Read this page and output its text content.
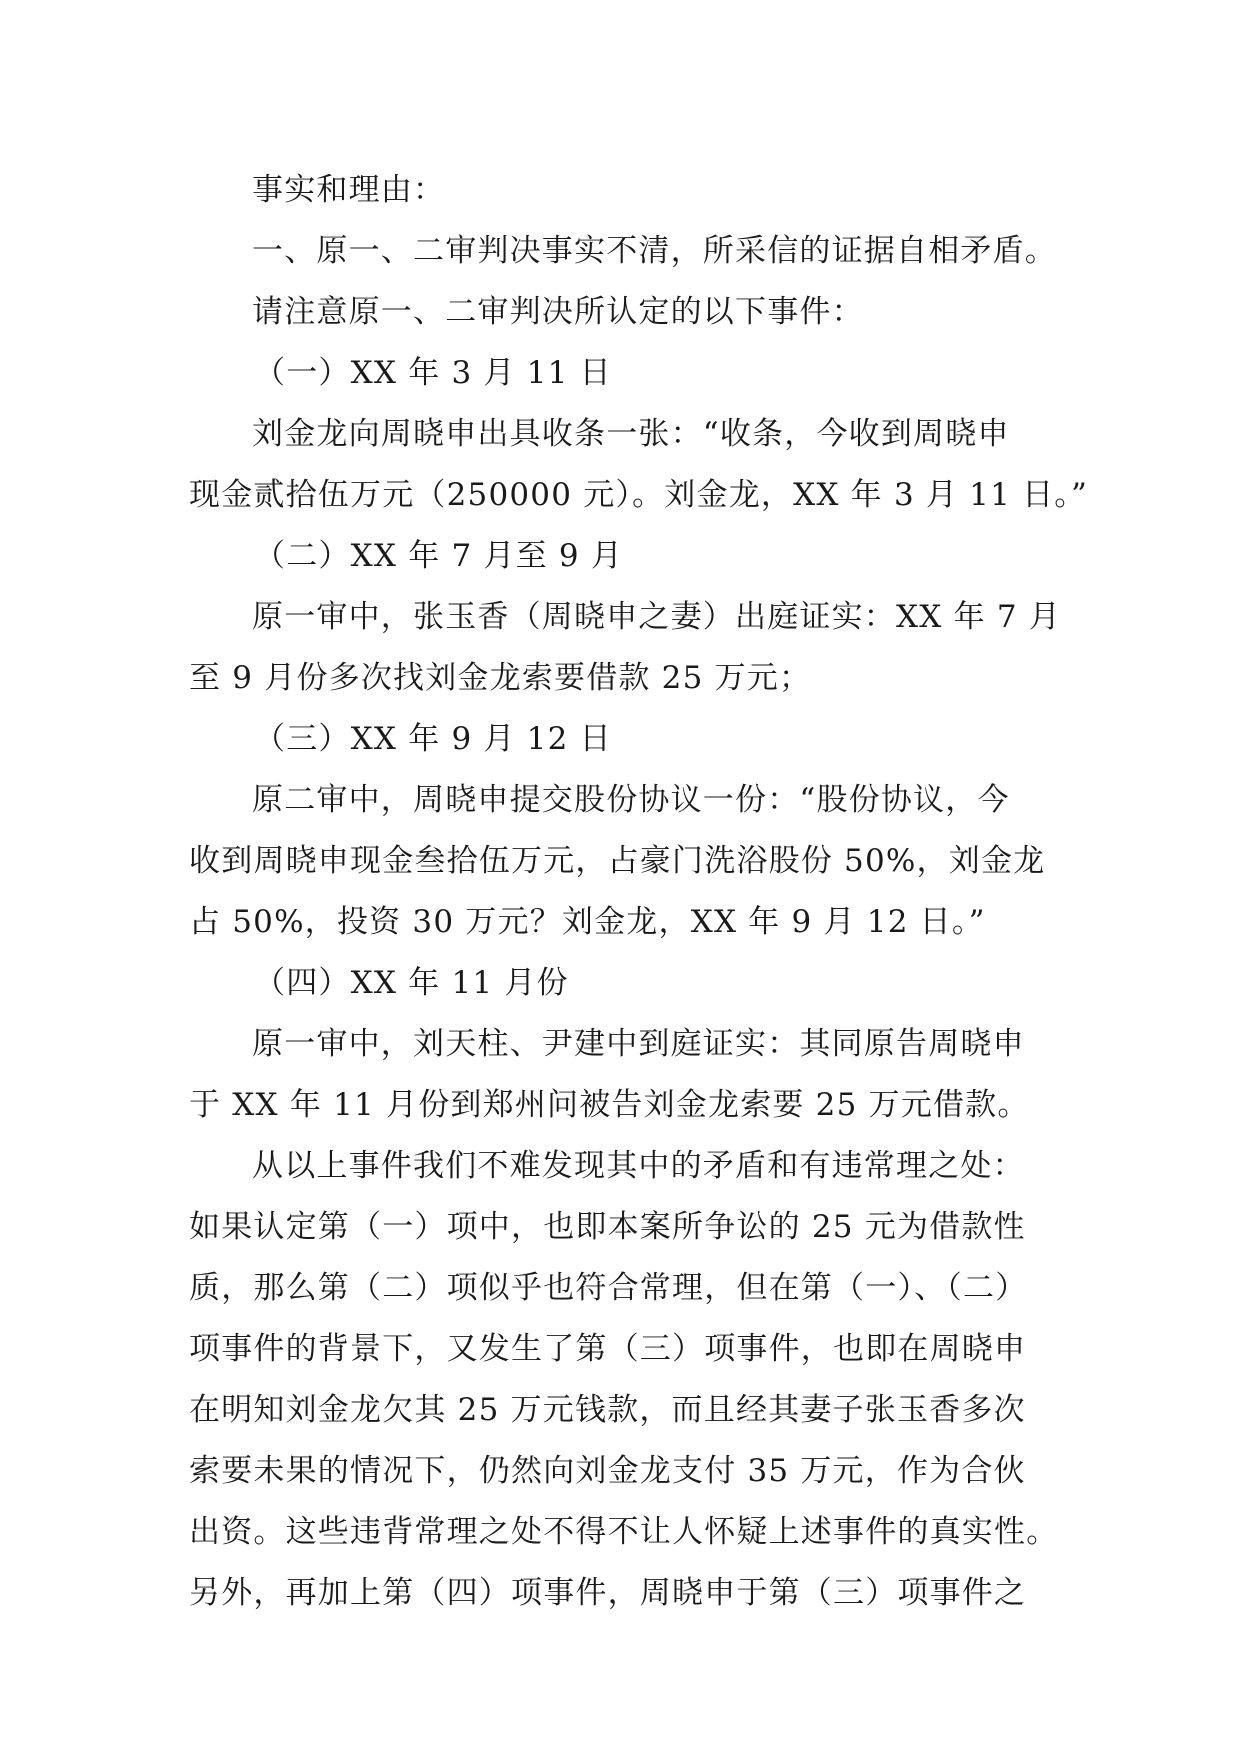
事实和理由：
一、原一、二审判决事实不清，所采信的证据自相矛盾。
请注意原一、二审判决所认定的以下事件：
（一）XX 年 3 月 11 日
刘金龙向周晓申出具收条一张：“收条，今收到周晓申
现金贰拾伍万元（250000 元）。刘金龙，XX 年 3 月 11 日。”
（二）XX 年 7 月至 9 月
原一审中，张玉香（周晓申之妻）出庭证实：XX 年 7 月
至 9 月份多次找刘金龙索要借款 25 万元；
（三）XX 年 9 月 12 日
原二审中，周晓申提交股份协议一份：“股份协议，今
收到周晓申现金叁拾伍万元，占豪门洗浴股份 50%，刘金龙
占 50%，投资 30 万元？刘金龙，XX 年 9 月 12 日。”
（四）XX 年 11 月份
原一审中，刘天柱、尹建中到庭证实：其同原告周晓申
于 XX 年 11 月份到郑州问被告刘金龙索要 25 万元借款。
从以上事件我们不难发现其中的矛盾和有违常理之处：
如果认定第（一）项中，也即本案所争讼的 25 元为借款性
质，那么第（二）项似乎也符合常理，但在第（一）、（二）
项事件的背景下，又发生了第（三）项事件，也即在周晓申
在明知刘金龙欠其 25 万元钱款，而且经其妻子张玉香多次
索要未果的情况下，仍然向刘金龙支付 35 万元，作为合伙
出资。这些违背常理之处不得不让人怀疑上述事件的真实性。
另外，再加上第（四）项事件，周晓申于第（三）项事件之
